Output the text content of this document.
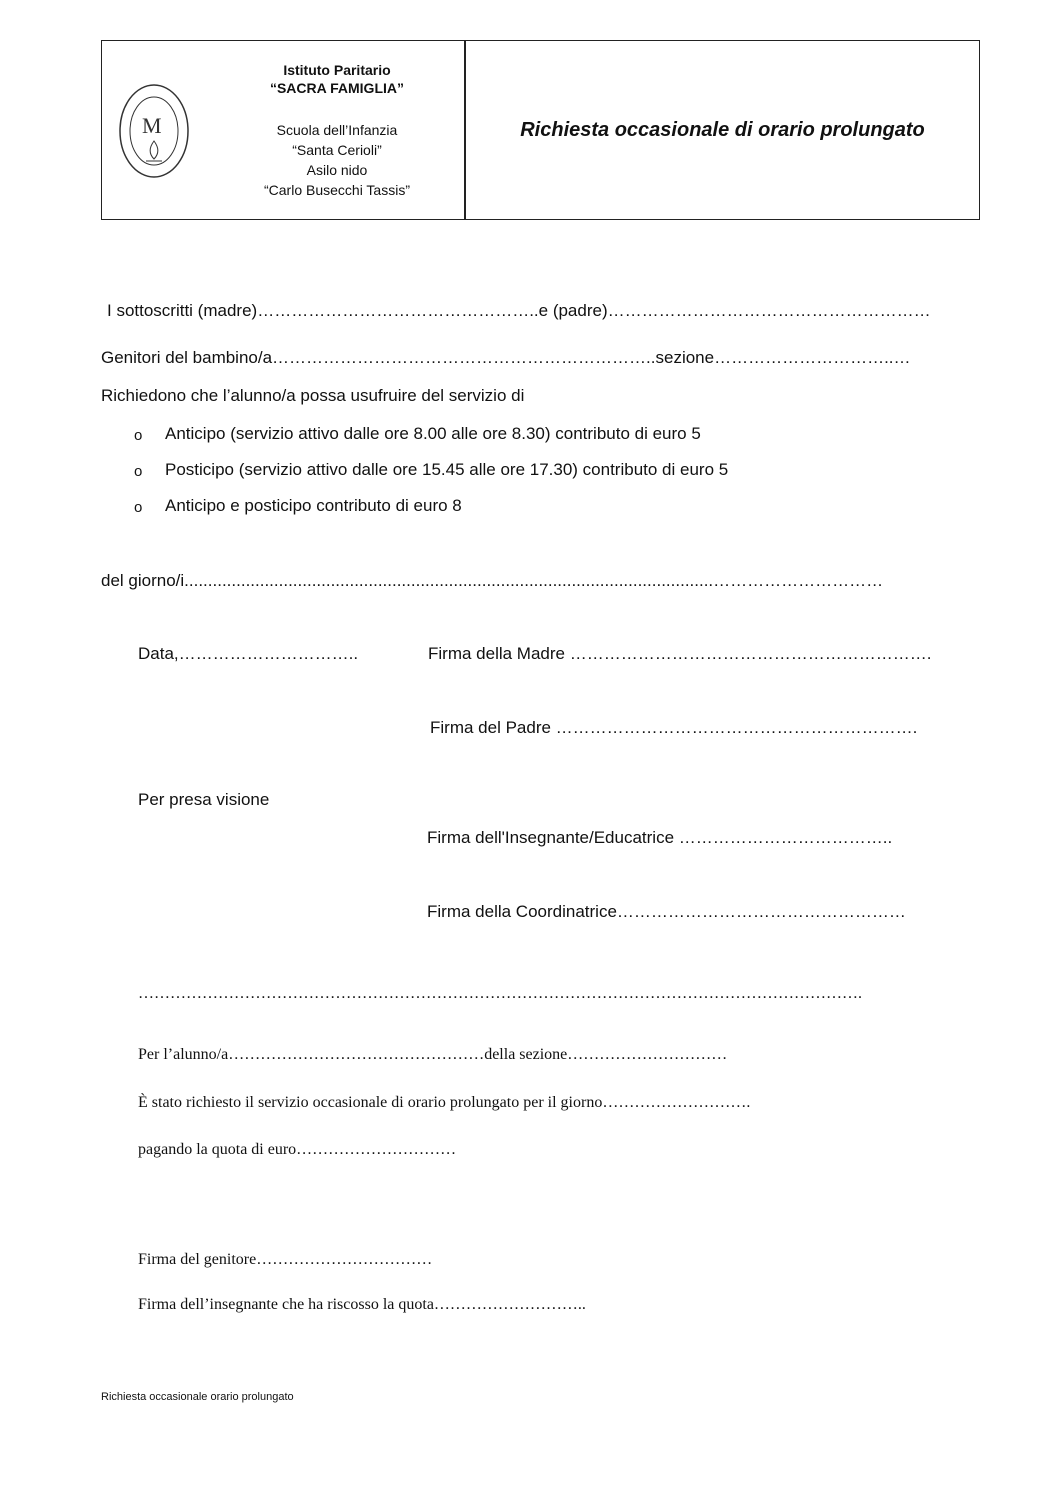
M
Istituto Paritario
“SACRA FAMIGLIA”
Scuola dell’Infanzia
“Santa Cerioli”
Asilo nido
“Carlo Busecchi Tassis”
Richiesta occasionale di orario prolungato
I sottoscritti (madre)…………………………………………..e (padre)…………………………………………………
Genitori del bambino/a…………………………………………………………..sezione…………………………..…
Richiedono che l’alunno/a possa usufruire del servizio di
o Anticipo (servizio attivo dalle ore 8.00 alle ore 8.30) contributo di euro 5
o Posticipo (servizio attivo dalle ore 15.45 alle ore 17.30) contributo di euro 5
o Anticipo e posticipo contributo di euro 8
del giorno/i................................................................................................................…………………………
Data,…………………………..	Firma della Madre ……………………………………………………….
Firma del Padre ……………………………………………………….
Per presa visione
Firma dell'Insegnante/Educatrice ………………………………..
Firma della Coordinatrice……………………………………………
……………………………………………………………………………………………………………………….
Per l’alunno/a…………………………………………della sezione…………………………
È stato richiesto il servizio occasionale di orario prolungato per il giorno……………………….
pagando la quota di euro…………………………
Firma del genitore……………………………
Firma dell’insegnante che ha riscosso la quota………………………..
Richiesta occasionale orario prolungato
